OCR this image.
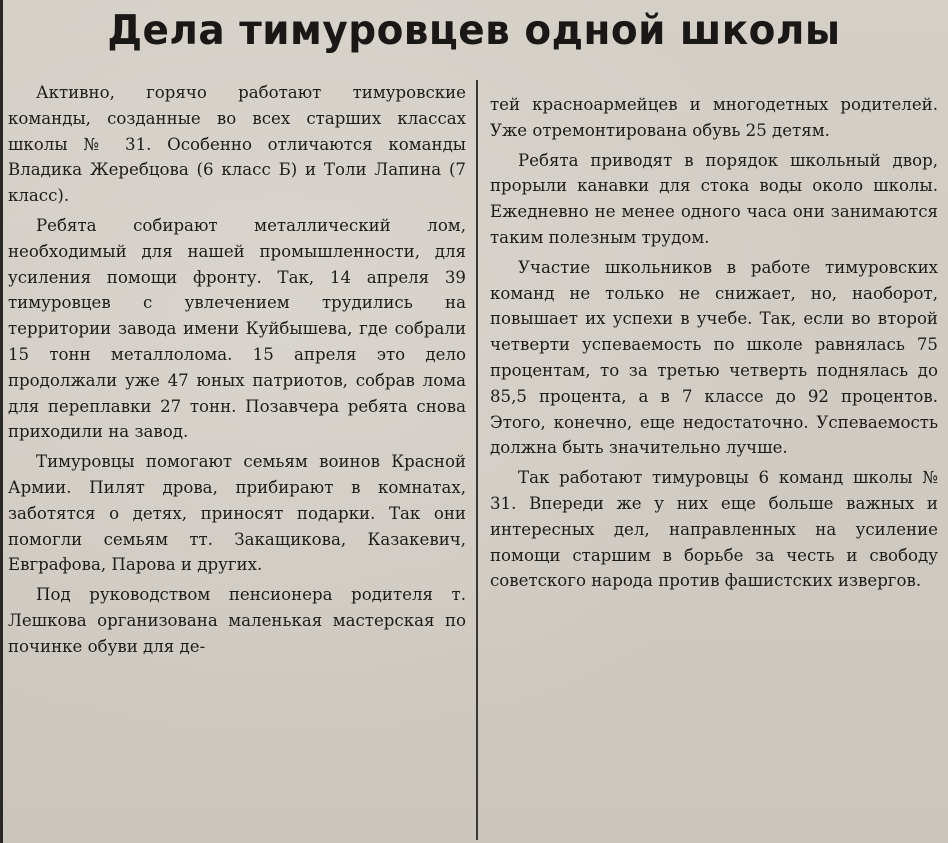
Дела тимуровцев одной школы

Активно, горячо работают тимуровские команды, созданные во всех старших классах школы № 31. Особенно отличаются команды Владика Жеребцова (6 класс Б) и Толи Лапина (7 класс).

Ребята собирают металлический лом, необходимый для нашей промышленности, для усиления помощи фронту. Так, 14 апреля 39 тимуровцев с увлечением трудились на территории завода имени Куйбышева, где собрали 15 тонн металлолома. 15 апреля это дело продолжали уже 47 юных патриотов, собрав лома для переплавки 27 тонн. Позавчера ребята снова приходили на завод.

Тимуровцы помогают семьям воинов Красной Армии. Пилят дрова, прибирают в комнатах, заботятся о детях, приносят подарки. Так они помогли семьям тт. Закащикова, Казакевич, Евграфова, Парова и других.

Под руководством пенсионера родителя т. Лешкова организована маленькая мастерская по починке обуви для де-

тей красноармейцев и многодетных родителей. Уже отремонтирована обувь 25 детям.

Ребята приводят в порядок школьный двор, прорыли канавки для стока воды около школы. Ежедневно не менее одного часа они занимаются таким полезным трудом.

Участие школьников в работе тимуровских команд не только не снижает, но, наоборот, повышает их успехи в учебе. Так, если во второй четверти успеваемость по школе равнялась 75 процентам, то за третью четверть поднялась до 85,5 процента, а в 7 классе до 92 процентов. Этого, конечно, еще недостаточно. Успеваемость должна быть значительно лучше.

Так работают тимуровцы 6 команд школы № 31. Впереди же у них еще больше важных и интересных дел, направленных на усиление помощи старшим в борьбе за честь и свободу советского народа против фашистских извергов.
